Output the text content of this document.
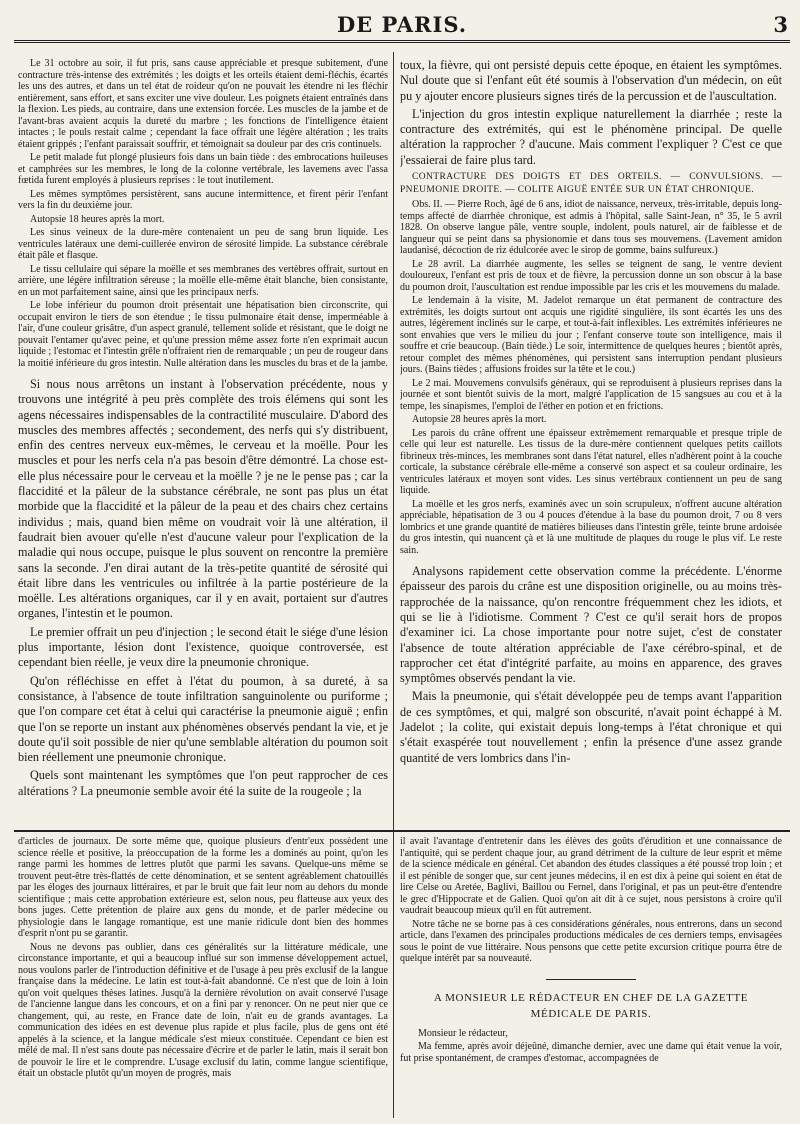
DE PARIS.	3

Le 31 octobre au soir, il fut pris, sans cause appréciable et presque subitement, d'une contracture très-intense des extrémités ; les doigts et les orteils étaient demi-fléchis, écartés les uns des autres, et dans un tel état de roideur qu'on ne pouvait les étendre ni les fléchir entièrement, sans effort, et sans exciter une vive douleur. Les poignets étaient entraînés dans la flexion. Les pieds, au contraire, dans une extension forcée. Les muscles de la jambe et de l'avant-bras avaient acquis la dureté du marbre ; les fonctions de l'intelligence étaient intactes ; le pouls restait calme ; cependant la face offrait une légère altération ; les traits étaient grippés ; l'enfant paraissait souffrir, et témoignait sa douleur par des cris continuels.

Le petit malade fut plongé plusieurs fois dans un bain tiède : des embrocations huileuses et camphrées sur les membres, le long de la colonne vertébrale, les lavemens avec l'assa fœtida furent employés à plusieurs reprises : le tout inutilement.

Les mêmes symptômes persistèrent, sans aucune intermittence, et firent périr l'enfant vers la fin du deuxième jour.

Autopsie 18 heures après la mort.

Les sinus veineux de la dure-mère contenaient un peu de sang brun liquide. Les ventricules latéraux une demi-cuillerée environ de sérosité limpide. La substance cérébrale était pâle et flasque.

Le tissu cellulaire qui sépare la moëlle et ses membranes des vertèbres offrait, surtout en arrière, une légère infiltration séreuse ; la moëlle elle-même était blanche, bien consistante, en un mot parfaitement saine, ainsi que les principaux nerfs.

Le lobe inférieur du poumon droit présentait une hépatisation bien circonscrite, qui occupait environ le tiers de son étendue ; le tissu pulmonaire était dense, imperméable à l'air, d'une couleur grisâtre, d'un aspect granulé, tellement solide et résistant, que le doigt ne pouvait l'entamer qu'avec peine, et qu'une pression même assez forte n'en exprimait aucun liquide ; l'estomac et l'intestin grêle n'offraient rien de remarquable ; un peu de rougeur dans la moitié inférieure du gros intestin. Nulle altération dans les muscles du bras et de la jambe.

Si nous nous arrêtons un instant à l'observation précédente, nous y trouvons une intégrité à peu près complète des trois élémens qui sont les agens nécessaires indispensables de la contractilité musculaire. D'abord des muscles des membres affectés ; secondement, des nerfs qui s'y distribuent, enfin des centres nerveux eux-mêmes, le cerveau et la moëlle. Pour les muscles et pour les nerfs cela n'a pas besoin d'être démontré. La chose est-elle plus nécessaire pour le cerveau et la moëlle ? je ne le pense pas ; car la flaccidité et la pâleur de la substance cérébrale, ne sont pas plus un état morbide que la flaccidité et la pâleur de la peau et des chairs chez certains individus ; mais, quand bien même on voudrait voir là une altération, il faudrait bien avouer qu'elle n'est d'aucune valeur pour l'explication de la maladie qui nous occupe, puisque le plus souvent on rencontre la première sans la seconde. J'en dirai autant de la très-petite quantité de sérosité qui était libre dans les ventricules ou infiltrée à la partie postérieure de la moëlle. Les altérations organiques, car il y en avait, portaient sur d'autres organes, l'intestin et le poumon.

Le premier offrait un peu d'injection ; le second était le siége d'une lésion plus importante, lésion dont l'existence, quoique controversée, est cependant bien réelle, je veux dire la pneumonie chronique.

Qu'on réfléchisse en effet à l'état du poumon, à sa dureté, à sa consistance, à l'absence de toute infiltration sanguinolente ou puriforme ; que l'on compare cet état à celui qui caractérise la pneumonie aiguë ; enfin que l'on se reporte un instant aux phénomènes observés pendant la vie, et je doute qu'il soit possible de nier qu'une semblable altération du poumon soit bien réellement une pneumonie chronique.

Quels sont maintenant les symptômes que l'on peut rapprocher de ces altérations ? La pneumonie semble avoir été la suite de la rougeole ; la

toux, la fièvre, qui ont persisté depuis cette époque, en étaient les symptômes. Nul doute que si l'enfant eût été soumis à l'observation d'un médecin, on eût pu y ajouter encore plusieurs signes tirés de la percussion et de l'auscultation.

L'injection du gros intestin explique naturellement la diarrhée ; reste la contracture des extrémités, qui est le phénomène principal. De quelle altération la rapprocher ? d'aucune. Mais comment l'expliquer ? C'est ce que j'essaierai de faire plus tard.

CONTRACTURE DES DOIGTS ET DES ORTEILS. — CONVULSIONS. — PNEUMONIE DROITE. — COLITE AIGUË ENTÉE SUR UN ÉTAT CHRONIQUE.

Obs. II. — Pierre Roch, âgé de 6 ans, idiot de naissance, nerveux, très-irritable, depuis long-temps affecté de diarrhée chronique, est admis à l'hôpital, salle Saint-Jean, n° 35, le 5 avril 1828. On observe langue pâle, ventre souple, indolent, pouls naturel, air de faiblesse et de langueur qui se peint dans sa physionomie et dans tous ses mouvemens. (Lavement amidon laudanisé, décoction de riz édulcorée avec le sirop de gomme, bains sulfureux.)

Le 28 avril. La diarrhée augmente, les selles se teignent de sang, le ventre devient douloureux, l'enfant est pris de toux et de fièvre, la percussion donne un son obscur à la base du poumon droit, l'auscultation est rendue impossible par les cris et les mouvemens du malade.

Le lendemain à la visite, M. Jadelot remarque un état permanent de contracture des extrémités, les doigts surtout ont acquis une rigidité singulière, ils sont écartés les uns des autres, légèrement inclinés sur le carpe, et tout-à-fait inflexibles. Les extrémités inférieures ne sont envahies que vers le milieu du jour ; l'enfant conserve toute son intelligence, mais il souffre et crie beaucoup. (Bain tiède.) Le soir, intermittence de quelques heures ; bientôt après, retour complet des mêmes phénomènes, qui persistent sans interruption pendant plusieurs jours. (Bains tièdes ; affusions froides sur la tête et le cou.)

Le 2 mai. Mouvemens convulsifs généraux, qui se reproduisent à plusieurs reprises dans la journée et sont bientôt suivis de la mort, malgré l'application de 15 sangsues au cou et à la tempe, les sinapismes, l'emploi de l'éther en potion et en frictions.

Autopsie 28 heures après la mort.

Les parois du crâne offrent une épaisseur extrêmement remarquable et presque triple de celle qui leur est naturelle. Les tissus de la dure-mère contiennent quelques petits caillots fibrineux très-minces, les membranes sont dans l'état naturel, elles n'adhèrent point à la couche corticale, la substance cérébrale elle-même a conservé son aspect et sa couleur ordinaire, les ventricules latéraux et moyen sont vides. Les sinus vertébraux contiennent un peu de sang liquide.

La moëlle et les gros nerfs, examinés avec un soin scrupuleux, n'offrent aucune altération appréciable, hépatisation de 3 ou 4 pouces d'étendue à la base du poumon droit, 7 ou 8 vers lombrics et une grande quantité de matières bilieuses dans l'intestin grêle, teinte brune ardoisée du gros intestin, qui nuancent çà et là une multitude de plaques du rouge le plus vif. Le reste sain.

Analysons rapidement cette observation comme la précédente. L'énorme épaisseur des parois du crâne est une disposition originelle, ou au moins très-rapprochée de la naissance, qu'on rencontre fréquemment chez les idiots, et qui se lie à l'idiotisme. Comment ? C'est ce qu'il serait hors de propos d'examiner ici. La chose importante pour notre sujet, c'est de constater l'absence de toute altération appréciable de l'axe cérébro-spinal, et de rapprocher cet état d'intégrité parfaite, au moins en apparence, des graves symptômes observés pendant la vie.

Mais la pneumonie, qui s'était développée peu de temps avant l'apparition de ces symptômes, et qui, malgré son obscurité, n'avait point échappé à M. Jadelot ; la colite, qui existait depuis long-temps à l'état chronique et qui s'était exaspérée tout nouvellement ; enfin la présence d'une assez grande quantité de vers lombrics dans l'in-

d'articles de journaux. De sorte même que, quoique plusieurs d'entr'eux possèdent une science réelle et positive, la préoccupation de la forme les a dominés au point, qu'on les range parmi les hommes de lettres plutôt que parmi les savans. Quelque-uns même se trouvent peut-être très-flattés de cette dénomination, et se sentent agréablement chatouillés par les éloges des journaux littéraires, et par le bruit que fait leur nom au dehors du monde scientifique ; mais cette approbation extérieure est, selon nous, peu flatteuse aux yeux des bons juges. Cette prétention de plaire aux gens du monde, et de parler médecine ou physiologie dans le langage romantique, est une manie ridicule dont bien des hommes d'esprit n'ont pu se garantir.

Nous ne devons pas oublier, dans ces généralités sur la littérature médicale, une circonstance importante, et qui a beaucoup influé sur son immense développement actuel, nous voulons parler de l'introduction définitive et de l'usage à peu près exclusif de la langue française dans la médecine. Le latin est tout-à-fait abandonné. Ce n'est que de loin à loin qu'on voit quelques thèses latines. Jusqu'à la dernière révolution on avait conservé l'usage de l'ancienne langue dans les concours, et on a fini par y renoncer. On ne peut nier que ce changement, qui, au reste, en France date de loin, n'ait eu de grands avantages. La communication des idées en est devenue plus rapide et plus facile, plus de gens ont été appelés à la science, et la langue médicale s'est mieux constituée. Cependant ce bien est mêlé de mal. Il n'est sans doute pas nécessaire d'écrire et de parler le latin, mais il serait bon de pouvoir le lire et le comprendre. L'usage exclusif du latin, comme langue scientifique, était un obstacle plutôt qu'un moyen de progrès, mais

il avait l'avantage d'entretenir dans les élèves des goûts d'érudition et une connaissance de l'antiquité, qui se perdent chaque jour, au grand détriment de la culture de leur esprit et même de la science médicale en général. Cet abandon des études classiques a été poussé trop loin ; et il est pénible de songer que, sur cent jeunes médecins, il en est dix à peine qui soient en état de lire Celse ou Aretée, Baglivi, Baillou ou Fernel, dans l'original, et pas un peut-être d'entendre le grec d'Hippocrate et de Galien. Quoi qu'on ait dit à ce sujet, nous persistons à croire qu'il vaudrait beaucoup mieux qu'il en fût autrement.

Notre tâche ne se borne pas à ces considérations générales, nous entrerons, dans un second article, dans l'examen des principales productions médicales de ces derniers temps, envisagées sous le point de vue littéraire. Nous pensons que cette petite excursion critique pourra être de quelque intérêt par sa nouveauté.

A MONSIEUR LE RÉDACTEUR EN CHEF DE LA GAZETTE
MÉDICALE DE PARIS.

Monsieur le rédacteur,

Ma femme, après avoir déjeûné, dimanche dernier, avec une dame qui était venue la voir, fut prise spontanément, de crampes d'estomac, accompagnées de
